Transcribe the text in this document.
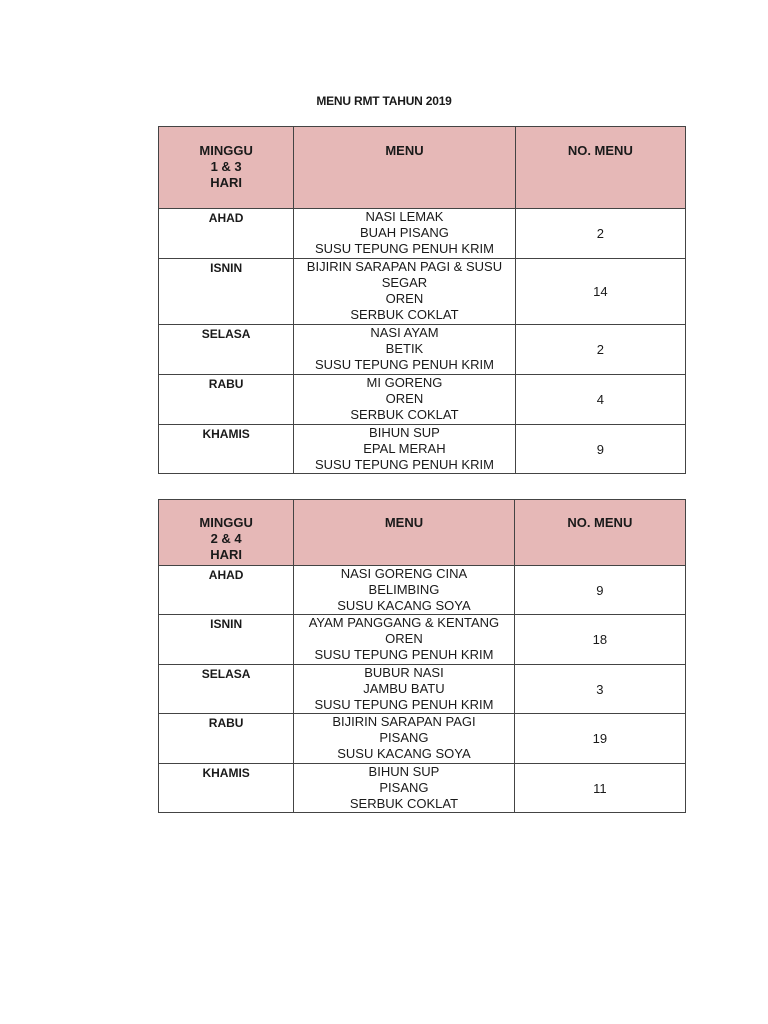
MENU RMT TAHUN 2019
MINGGU
1 & 3
HARI	MENU	NO. MENU
AHAD	NASI LEMAK
BUAH PISANG
SUSU TEPUNG PENUH KRIM	2
ISNIN	BIJIRIN SARAPAN PAGI & SUSU
SEGAR
OREN
SERBUK COKLAT	14
SELASA	NASI AYAM
BETIK
SUSU TEPUNG PENUH KRIM	2
RABU	MI GORENG
OREN
SERBUK COKLAT	4
KHAMIS	BIHUN SUP
EPAL MERAH
SUSU TEPUNG PENUH KRIM	9
MINGGU
2 & 4
HARI	MENU	NO. MENU
AHAD	NASI GORENG CINA
BELIMBING
SUSU KACANG SOYA	9
ISNIN	AYAM PANGGANG & KENTANG
OREN
SUSU TEPUNG PENUH KRIM	18
SELASA	BUBUR NASI
JAMBU BATU
SUSU TEPUNG PENUH KRIM	3
RABU	BIJIRIN SARAPAN PAGI
PISANG
SUSU KACANG SOYA	19
KHAMIS	BIHUN SUP
PISANG
SERBUK COKLAT	11
